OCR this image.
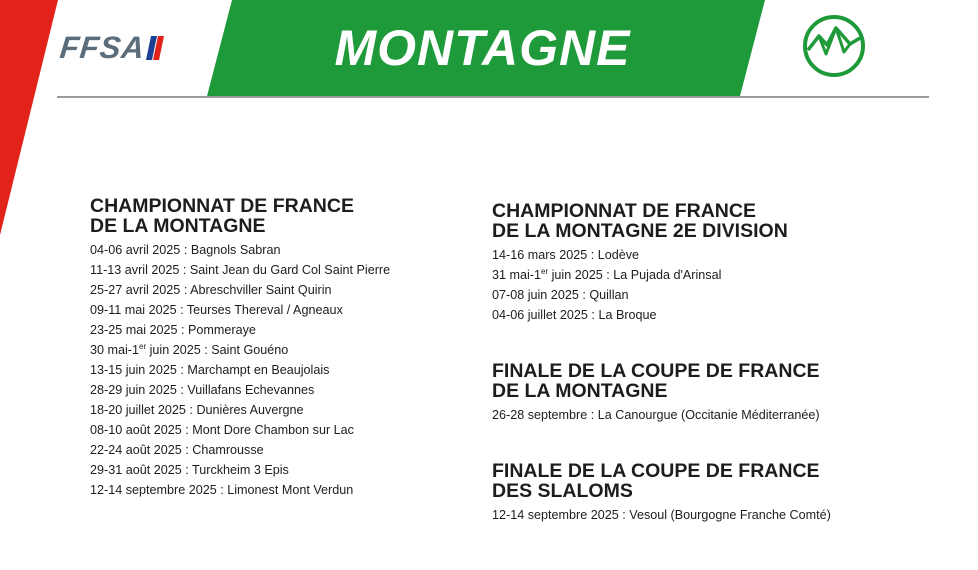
FFSA	MONTAGNE
CHAMPIONNAT DE FRANCE
DE LA MONTAGNE
04-06 avril 2025 : Bagnols Sabran
11-13 avril 2025 : Saint Jean du Gard Col Saint Pierre
25-27 avril 2025 : Abreschviller Saint Quirin
09-11 mai 2025 : Teurses Thereval / Agneaux
23-25 mai 2025 : Pommeraye
30 mai-1er juin 2025 : Saint Gouéno
13-15 juin 2025 : Marchampt en Beaujolais
28-29 juin 2025 : Vuillafans Echevannes
18-20 juillet 2025 : Dunières Auvergne
08-10 août 2025 : Mont Dore Chambon sur Lac
22-24 août 2025 : Chamrousse
29-31 août 2025 : Turckheim 3 Epis
12-14 septembre 2025 : Limonest Mont Verdun
CHAMPIONNAT DE FRANCE
DE LA MONTAGNE 2E DIVISION
14-16 mars 2025 : Lodève
31 mai-1er juin 2025 : La Pujada d'Arinsal
07-08 juin 2025 : Quillan
04-06 juillet 2025 : La Broque
FINALE DE LA COUPE DE FRANCE
DE LA MONTAGNE
26-28 septembre : La Canourgue (Occitanie Méditerranée)
FINALE DE LA COUPE DE FRANCE
DES SLALOMS
12-14 septembre 2025 : Vesoul (Bourgogne Franche Comté)
